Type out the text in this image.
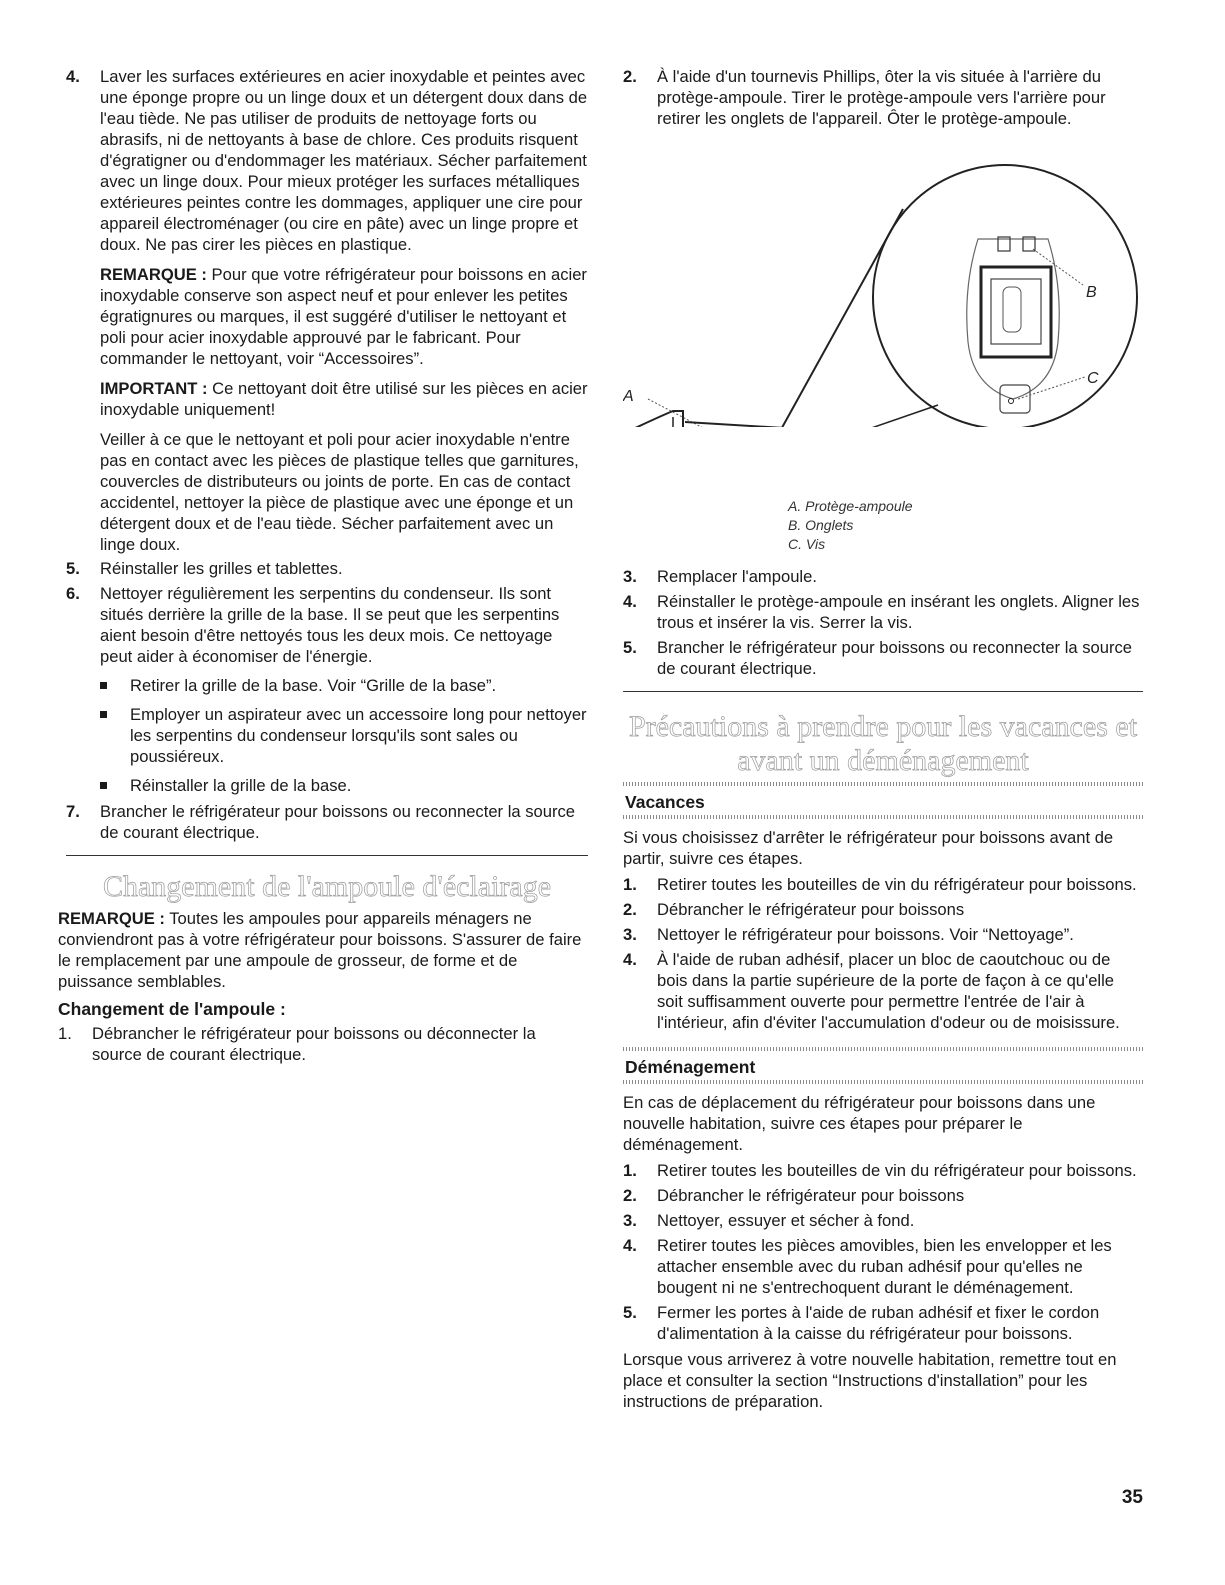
4. Laver les surfaces extérieures en acier inoxydable et peintes avec une éponge propre ou un linge doux et un détergent doux dans de l'eau tiède. Ne pas utiliser de produits de nettoyage forts ou abrasifs, ni de nettoyants à base de chlore. Ces produits risquent d'égratigner ou d'endommager les matériaux. Sécher parfaitement avec un linge doux. Pour mieux protéger les surfaces métalliques extérieures peintes contre les dommages, appliquer une cire pour appareil électroménager (ou cire en pâte) avec un linge propre et doux. Ne pas cirer les pièces en plastique.

REMARQUE : Pour que votre réfrigérateur pour boissons en acier inoxydable conserve son aspect neuf et pour enlever les petites égratignures ou marques, il est suggéré d'utiliser le nettoyant et poli pour acier inoxydable approuvé par le fabricant. Pour commander le nettoyant, voir “Accessoires”.

IMPORTANT : Ce nettoyant doit être utilisé sur les pièces en acier inoxydable uniquement!

Veiller à ce que le nettoyant et poli pour acier inoxydable n'entre pas en contact avec les pièces de plastique telles que garnitures, couvercles de distributeurs ou joints de porte. En cas de contact accidentel, nettoyer la pièce de plastique avec une éponge et un détergent doux et de l'eau tiède. Sécher parfaitement avec un linge doux.

5. Réinstaller les grilles et tablettes.

6. Nettoyer régulièrement les serpentins du condenseur. Ils sont situés derrière la grille de la base. Il se peut que les serpentins aient besoin d'être nettoyés tous les deux mois. Ce nettoyage peut aider à économiser de l'énergie.

Retirer la grille de la base. Voir “Grille de la base”.

Employer un aspirateur avec un accessoire long pour nettoyer les serpentins du condenseur lorsqu'ils sont sales ou poussiéreux.

Réinstaller la grille de la base.

7. Brancher le réfrigérateur pour boissons ou reconnecter la source de courant électrique.

Changement de l'ampoule d'éclairage

REMARQUE : Toutes les ampoules pour appareils ménagers ne conviendront pas à votre réfrigérateur pour boissons. S'assurer de faire le remplacement par une ampoule de grosseur, de forme et de puissance semblables.

Changement de l'ampoule :

1. Débrancher le réfrigérateur pour boissons ou déconnecter la source de courant électrique.

2. À l'aide d'un tournevis Phillips, ôter la vis située à l'arrière du protège-ampoule. Tirer le protège-ampoule vers l'arrière pour retirer les onglets de l'appareil. Ôter le protège-ampoule.

A
B
C
A. Protège-ampoule
B. Onglets
C. Vis
3. Remplacer l'ampoule.

4. Réinstaller le protège-ampoule en insérant les onglets. Aligner les trous et insérer la vis. Serrer la vis.

5. Brancher le réfrigérateur pour boissons ou reconnecter la source de courant électrique.

Précautions à prendre pour les vacances et
avant un déménagement

Vacances

Si vous choisissez d'arrêter le réfrigérateur pour boissons avant de partir, suivre ces étapes.

1. Retirer toutes les bouteilles de vin du réfrigérateur pour boissons.

2. Débrancher le réfrigérateur pour boissons

3. Nettoyer le réfrigérateur pour boissons. Voir “Nettoyage”.

4. À l'aide de ruban adhésif, placer un bloc de caoutchouc ou de bois dans la partie supérieure de la porte de façon à ce qu'elle soit suffisamment ouverte pour permettre l'entrée de l'air à l'intérieur, afin d'éviter l'accumulation d'odeur ou de moisissure.

Déménagement

En cas de déplacement du réfrigérateur pour boissons dans une nouvelle habitation, suivre ces étapes pour préparer le déménagement.

1. Retirer toutes les bouteilles de vin du réfrigérateur pour boissons.

2. Débrancher le réfrigérateur pour boissons

3. Nettoyer, essuyer et sécher à fond.

4. Retirer toutes les pièces amovibles, bien les envelopper et les attacher ensemble avec du ruban adhésif pour qu'elles ne bougent ni ne s'entrechoquent durant le déménagement.

5. Fermer les portes à l'aide de ruban adhésif et fixer le cordon d'alimentation à la caisse du réfrigérateur pour boissons.

Lorsque vous arriverez à votre nouvelle habitation, remettre tout en place et consulter la section “Instructions d'installation” pour les instructions de préparation.

35
